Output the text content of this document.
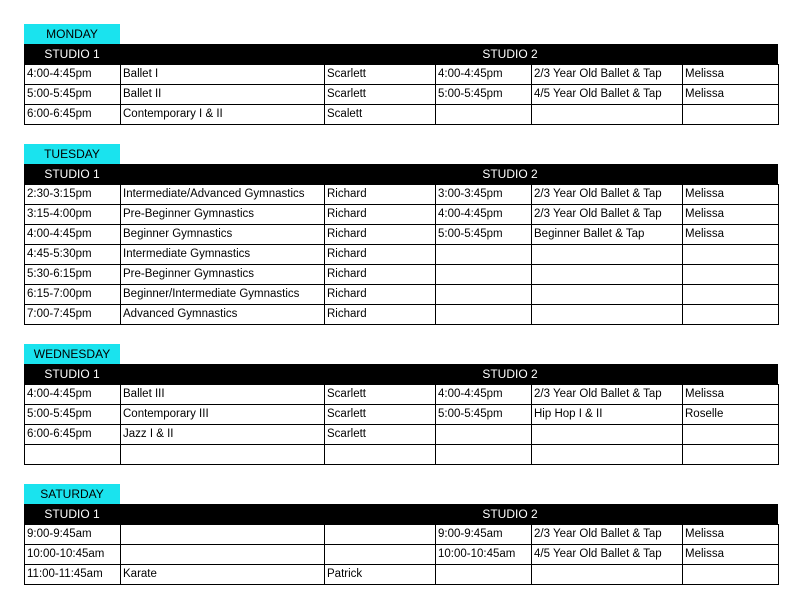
MONDAY
STUDIO 1	STUDIO 2
4:00-4:45pm	Ballet I	Scarlett	4:00-4:45pm	2/3 Year Old Ballet & Tap	Melissa
5:00-5:45pm	Ballet II	Scarlett	5:00-5:45pm	4/5 Year Old Ballet & Tap	Melissa
6:00-6:45pm	Contemporary I & II	Scalett			
TUESDAY
STUDIO 1	STUDIO 2
2:30-3:15pm	Intermediate/Advanced Gymnastics	Richard	3:00-3:45pm	2/3 Year Old Ballet & Tap	Melissa
3:15-4:00pm	Pre-Beginner Gymnastics	Richard	4:00-4:45pm	2/3 Year Old Ballet & Tap	Melissa
4:00-4:45pm	Beginner Gymnastics	Richard	5:00-5:45pm	Beginner Ballet & Tap	Melissa
4:45-5:30pm	Intermediate Gymnastics	Richard			
5:30-6:15pm	Pre-Beginner Gymnastics	Richard			
6:15-7:00pm	Beginner/Intermediate Gymnastics	Richard			
7:00-7:45pm	Advanced Gymnastics	Richard			
WEDNESDAY
STUDIO 1	STUDIO 2
4:00-4:45pm	Ballet III	Scarlett	4:00-4:45pm	2/3 Year Old Ballet & Tap	Melissa
5:00-5:45pm	Contemporary III	Scarlett	5:00-5:45pm	Hip Hop I & II	Roselle
6:00-6:45pm	Jazz I & II	Scarlett			

SATURDAY
STUDIO 1	STUDIO 2
9:00-9:45am			9:00-9:45am	2/3 Year Old Ballet & Tap	Melissa
10:00-10:45am			10:00-10:45am	4/5 Year Old Ballet & Tap	Melissa
11:00-11:45am	Karate	Patrick			
